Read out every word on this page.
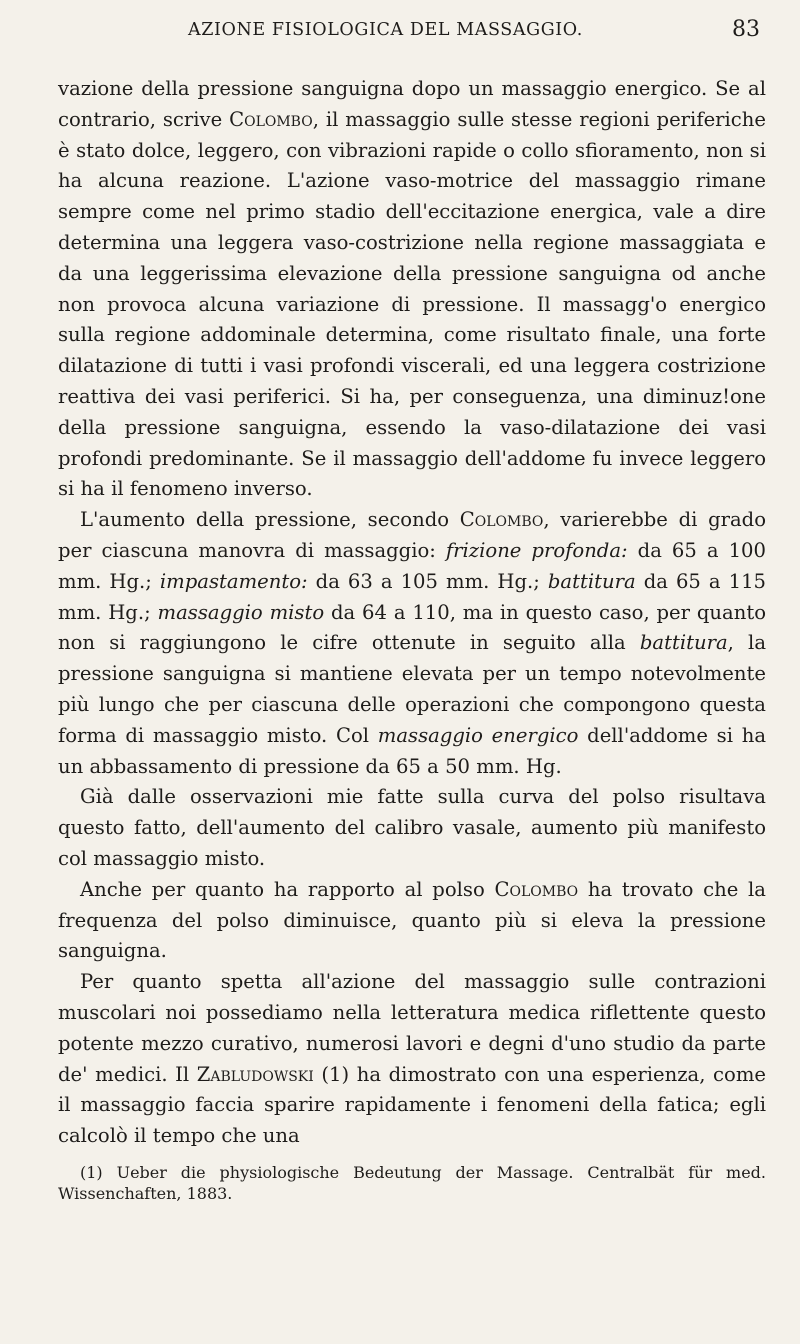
AZIONE FISIOLOGICA DEL MASSAGGIO.	83

vazione della pressione sanguigna dopo un massaggio energico. Se al contrario, scrive Colombo, il massaggio sulle stesse regioni periferiche è stato dolce, leggero, con vibrazioni rapide o collo sfioramento, non si ha alcuna reazione. L'azione vaso-motrice del massaggio rimane sempre come nel primo stadio dell'eccitazione energica, vale a dire determina una leggera vaso-costrizione nella regione massaggiata e da una leggerissima elevazione della pressione sanguigna od anche non provoca alcuna variazione di pressione. Il massagg'o energico sulla regione addominale determina, come risultato finale, una forte dilatazione di tutti i vasi profondi viscerali, ed una leggera costrizione reattiva dei vasi periferici. Si ha, per conseguenza, una diminuz!one della pressione sanguigna, essendo la vaso-dilatazione dei vasi profondi predominante. Se il massaggio dell'addome fu invece leggero si ha il fenomeno inverso.

L'aumento della pressione, secondo Colombo, varierebbe di grado per ciascuna manovra di massaggio: frizione profonda: da 65 a 100 mm. Hg.; impastamento: da 63 a 105 mm. Hg.; battitura da 65 a 115 mm. Hg.; massaggio misto da 64 a 110, ma in questo caso, per quanto non si raggiungono le cifre ottenute in seguito alla battitura, la pressione sanguigna si mantiene elevata per un tempo notevolmente più lungo che per ciascuna delle operazioni che compongono questa forma di massaggio misto. Col massaggio energico dell'addome si ha un abbassamento di pressione da 65 a 50 mm. Hg.

Già dalle osservazioni mie fatte sulla curva del polso risultava questo fatto, dell'aumento del calibro vasale, aumento più manifesto col massaggio misto.

Anche per quanto ha rapporto al polso Colombo ha trovato che la frequenza del polso diminuisce, quanto più si eleva la pressione sanguigna.

Per quanto spetta all'azione del massaggio sulle contrazioni muscolari noi possediamo nella letteratura medica riflettente questo potente mezzo curativo, numerosi lavori e degni d'uno studio da parte de' medici. Il Zabludowski (1) ha dimostrato con una esperienza, come il massaggio faccia sparire rapidamente i fenomeni della fatica; egli calcolò il tempo che una

(1) Ueber die physiologische Bedeutung der Massage. Centralbät für med. Wissenchaften, 1883.
